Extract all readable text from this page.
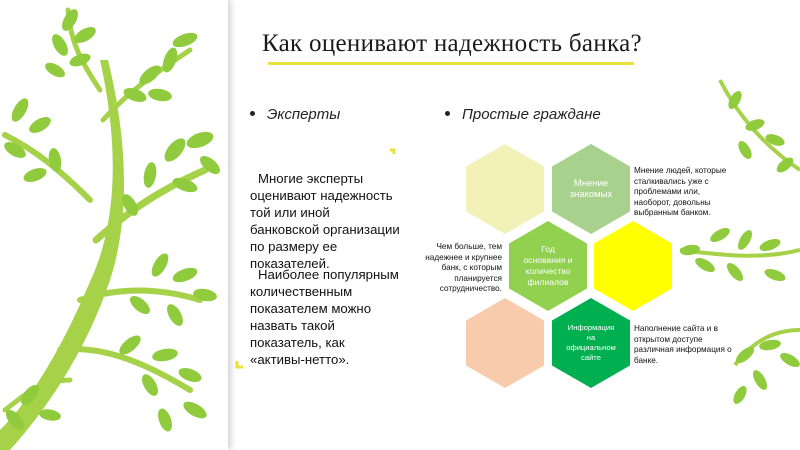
Как оценивают надежность банка?
Эксперты
Многие эксперты оценивают надежность той или иной банковской организации по размеру ее показателей.
Наиболее популярным количественным показателем можно назвать такой показатель, как «активы-нетто».
Простые граждане
Мнение знакомых
Год основания и количество филиалов
Информация на официальном сайте
Мнение людей, которые сталкивались уже с проблемами или, наоборот, довольны выбранным банком.
Чем больше, тем надежнее и крупнее банк, с которым планируется сотрудничество.
Наполнение сайта и в открытом доступе различная информация о банке.
